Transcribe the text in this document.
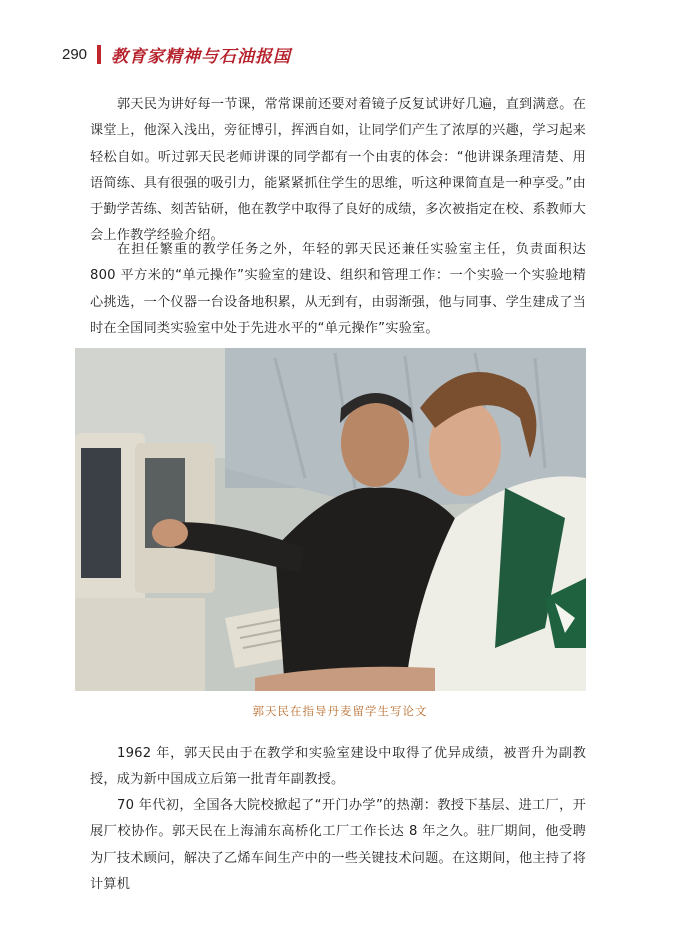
290 教育家精神与石油报国

郭天民为讲好每一节课，常常课前还要对着镜子反复试讲好几遍，直到满意。在课堂上，他深入浅出，旁征博引，挥洒自如，让同学们产生了浓厚的兴趣，学习起来轻松自如。听过郭天民老师讲课的同学都有一个由衷的体会：“他讲课条理清楚、用语简练、具有很强的吸引力，能紧紧抓住学生的思维，听这种课简直是一种享受。”由于勤学苦练、刻苦钻研，他在教学中取得了良好的成绩，多次被指定在校、系教师大会上作教学经验介绍。

在担任繁重的教学任务之外，年轻的郭天民还兼任实验室主任，负责面积达 800 平方米的“单元操作”实验室的建设、组织和管理工作：一个实验一个实验地精心挑选，一个仪器一台设备地积累，从无到有，由弱渐强，他与同事、学生建成了当时在全国同类实验室中处于先进水平的“单元操作”实验室。

郭天民在指导丹麦留学生写论文

1962 年，郭天民由于在教学和实验室建设中取得了优异成绩，被晋升为副教授，成为新中国成立后第一批青年副教授。

70 年代初，全国各大院校掀起了“开门办学”的热潮：教授下基层、进工厂，开展厂校协作。郭天民在上海浦东高桥化工厂工作长达 8 年之久。驻厂期间，他受聘为厂技术顾问，解决了乙烯车间生产中的一些关键技术问题。在这期间，他主持了将计算机
